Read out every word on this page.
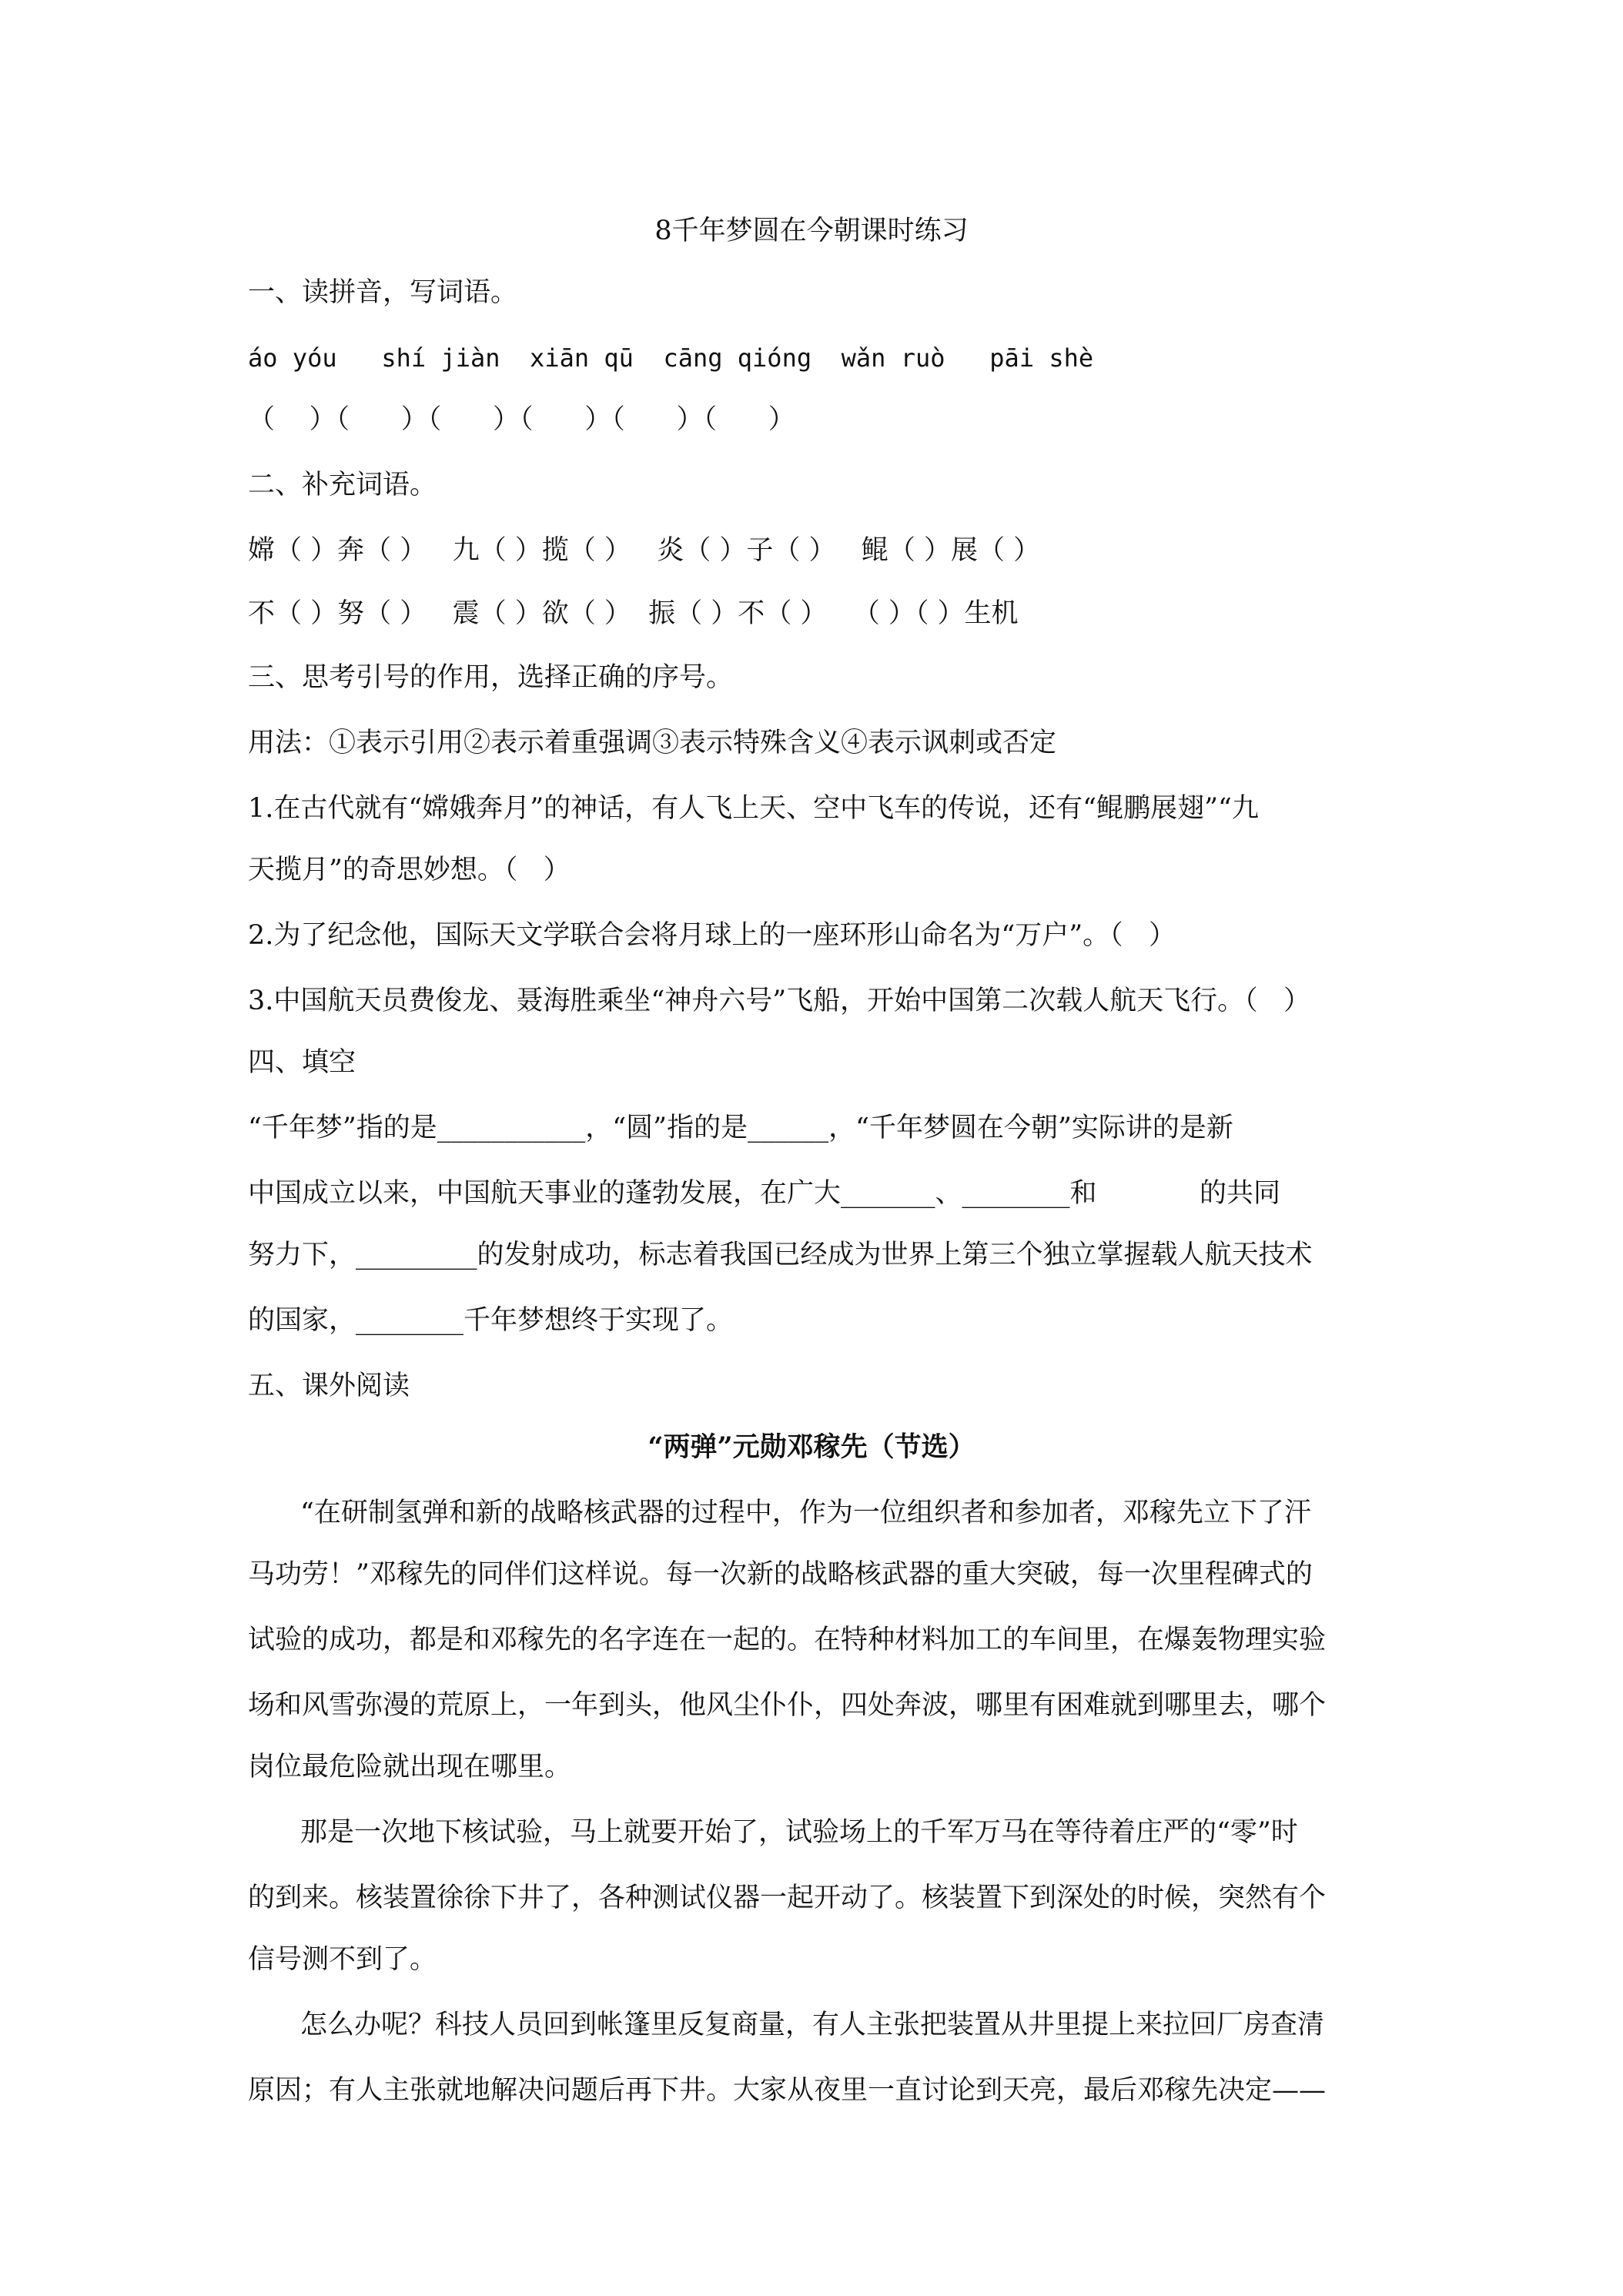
8千年梦圆在今朝课时练习
一、读拼音，写词语。
áo yóu   shí jiàn  xiān qū  cāng qióng  wǎn ruò   pāi shè
（    ）（      ）（      ）（      ）（      ）（      ）
二、补充词语。
嫦（ ）奔（ ）   九（ ）揽（ ）   炎（ ）子（ ）   鲲（ ）展（ ）
不（ ）努（ ）   震（ ）欲（ ）  振（ ）不（ ）   （ ）（ ）生机
三、思考引号的作用，选择正确的序号。
用法：①表示引用②表示着重强调③表示特殊含义④表示讽刺或否定
1.在古代就有“嫦娥奔月”的神话，有人飞上天、空中飞车的传说，还有“鲲鹏展翅”“九
天揽月”的奇思妙想。（   ）
2.为了纪念他，国际天文学联合会将月球上的一座环形山命名为“万户”。（   ）
3.中国航天员费俊龙、聂海胜乘坐“神舟六号”飞船，开始中国第二次载人航天飞行。（   ）
四、填空
“千年梦”指的是___________，“圆”指的是______，“千年梦圆在今朝”实际讲的是新
中国成立以来，中国航天事业的蓬勃发展，在广大_______、________和            的共同
努力下，_________的发射成功，标志着我国已经成为世界上第三个独立掌握载人航天技术
的国家，________千年梦想终于实现了。
五、课外阅读
“两弹”元勋邓稼先（节选）
“在研制氢弹和新的战略核武器的过程中，作为一位组织者和参加者，邓稼先立下了汗
马功劳！”邓稼先的同伴们这样说。每一次新的战略核武器的重大突破，每一次里程碑式的
试验的成功，都是和邓稼先的名字连在一起的。在特种材料加工的车间里，在爆轰物理实验
场和风雪弥漫的荒原上，一年到头，他风尘仆仆，四处奔波，哪里有困难就到哪里去，哪个
岗位最危险就出现在哪里。
那是一次地下核试验，马上就要开始了，试验场上的千军万马在等待着庄严的“零”时
的到来。核装置徐徐下井了，各种测试仪器一起开动了。核装置下到深处的时候，突然有个
信号测不到了。
怎么办呢？科技人员回到帐篷里反复商量，有人主张把装置从井里提上来拉回厂房查清
原因；有人主张就地解决问题后再下井。大家从夜里一直讨论到天亮，最后邓稼先决定——
